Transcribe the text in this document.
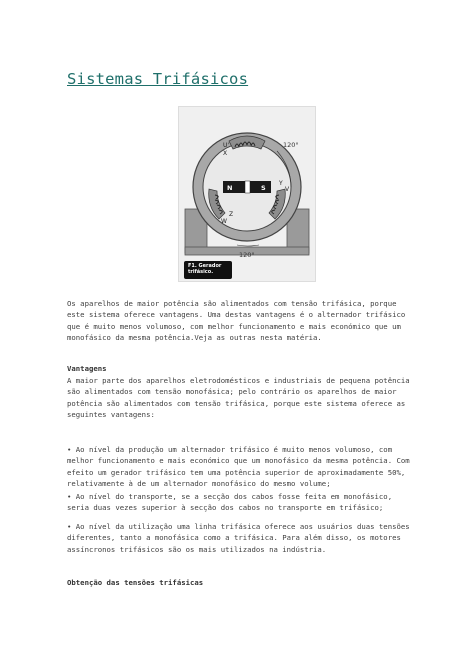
Sistemas Trifásicos
120°
120°
U'
X
N	S
Y
V
Z
W
F1. Gerador
trifásico.
Os aparelhos de maior potência são alimentados com tensão trifásica, porque este sistema oferece vantagens. Uma destas vantagens é o alternador trifásico que é muito menos volumoso, com melhor funcionamento e mais económico que um monofásico da mesma potência.Veja as outras nesta matéria.
Vantagens
A maior parte dos aparelhos eletrodomésticos e industriais de pequena potência são alimentados com tensão monofásica; pelo contrário os aparelhos de maior potência são alimentados com tensão trifásica, porque este sistema oferece as seguintes vantagens:
• Ao nível da produção um alternador trifásico é muito menos volumoso, com melhor funcionamento e mais económico que um monofásico da mesma potência. Com efeito um gerador trifásico tem uma potência superior de aproximadamente 50%, relativamente à de um alternador monofásico do mesmo volume;
• Ao nível do transporte, se a secção dos cabos fosse feita em monofásico, seria duas vezes superior à secção dos cabos no transporte em trifásico;
• Ao nível da utilização uma linha trifásica oferece aos usuários duas tensões diferentes, tanto a monofásica como a trifásica. Para além disso, os motores assíncronos trifásicos são os mais utilizados na indústria.
Obtenção das tensões trifásicas
